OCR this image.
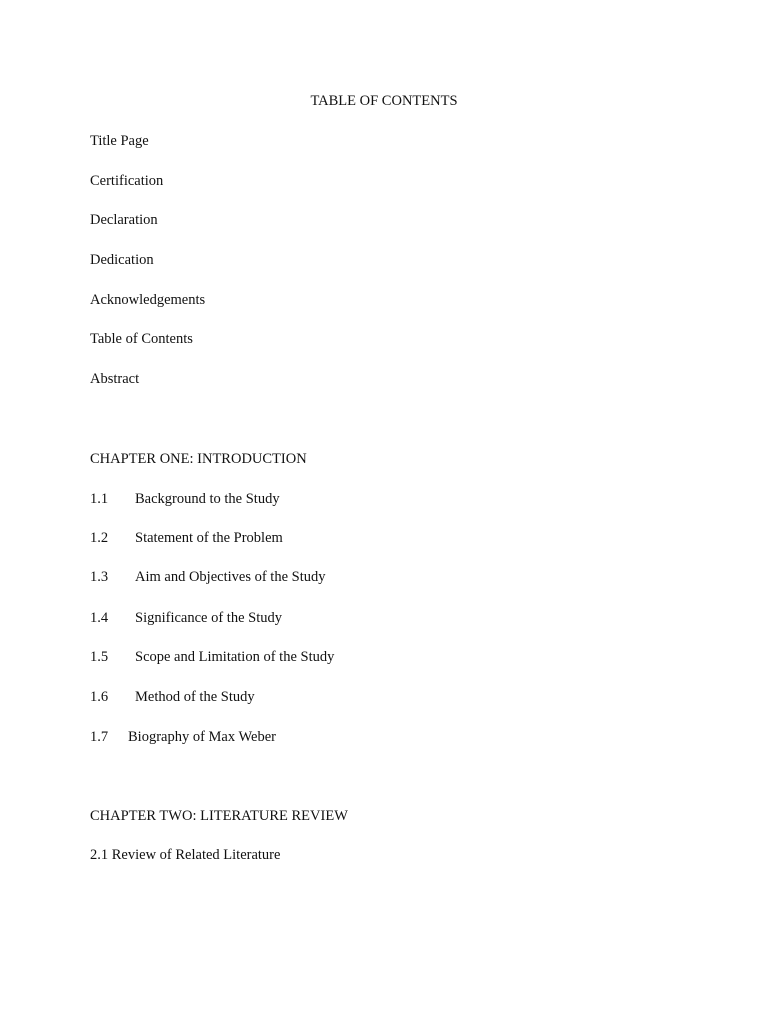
TABLE OF CONTENTS
Title Page
Certification
Declaration
Dedication
Acknowledgements
Table of Contents
Abstract
CHAPTER ONE: INTRODUCTION
1.1 Background to the Study
1.2 Statement of the Problem
1.3 Aim and Objectives of the Study
1.4 Significance of the Study
1.5 Scope and Limitation of the Study
1.6 Method of the Study
1.7 Biography of Max Weber
CHAPTER TWO: LITERATURE REVIEW
2.1 Review of Related Literature
